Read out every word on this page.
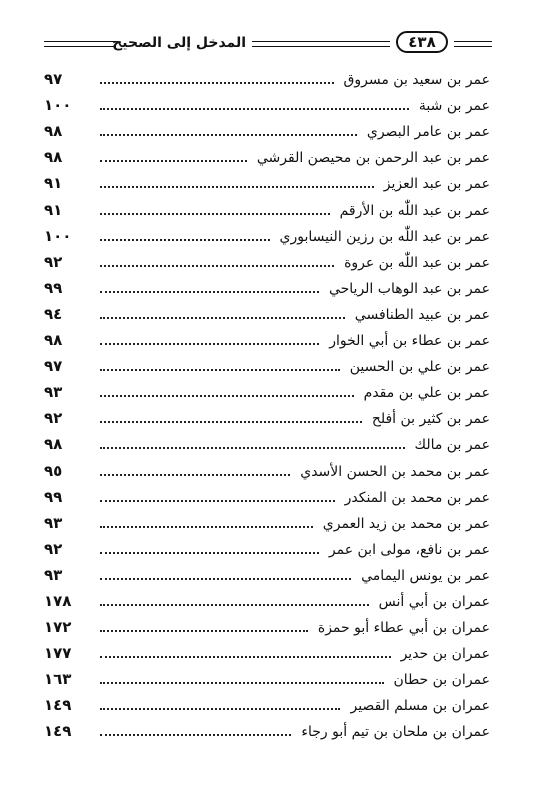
المدخل إلى الصحيح	٤٣٨
٩٧	عمر بن سعيد بن مسروق
١٠٠	عمر بن شبة
٩٨	عمر بن عامر البصري
٩٨	عمر بن عبد الرحمن بن محيصن القرشي
٩١	عمر بن عبد العزيز
٩١	عمر بن عبد اللّٰه بن الأرقم
١٠٠	عمر بن عبد اللّٰه بن رزين النيسابوري
٩٢	عمر بن عبد اللّٰه بن عروة
٩٩	عمر بن عبد الوهاب الرياحي
٩٤	عمر بن عبيد الطنافسي
٩٨	عمر بن عطاء بن أبي الخوار
٩٧	عمر بن علي بن الحسين
٩٣	عمر بن علي بن مقدم
٩٢	عمر بن كثير بن أفلح
٩٨	عمر بن مالك
٩٥	عمر بن محمد بن الحسن الأسدي
٩٩	عمر بن محمد بن المنكدر
٩٣	عمر بن محمد بن زيد العمري
٩٢	عمر بن نافع، مولى ابن عمر
٩٣	عمر بن يونس اليمامي
١٧٨	عمران بن أبي أنس
١٧٢	عمران بن أبي عطاء أبو حمزة
١٧٧	عمران بن حدير
١٦٣	عمران بن حطان
١٤٩	عمران بن مسلم القصير
١٤٩	عمران بن ملحان بن تيم أبو رجاء
